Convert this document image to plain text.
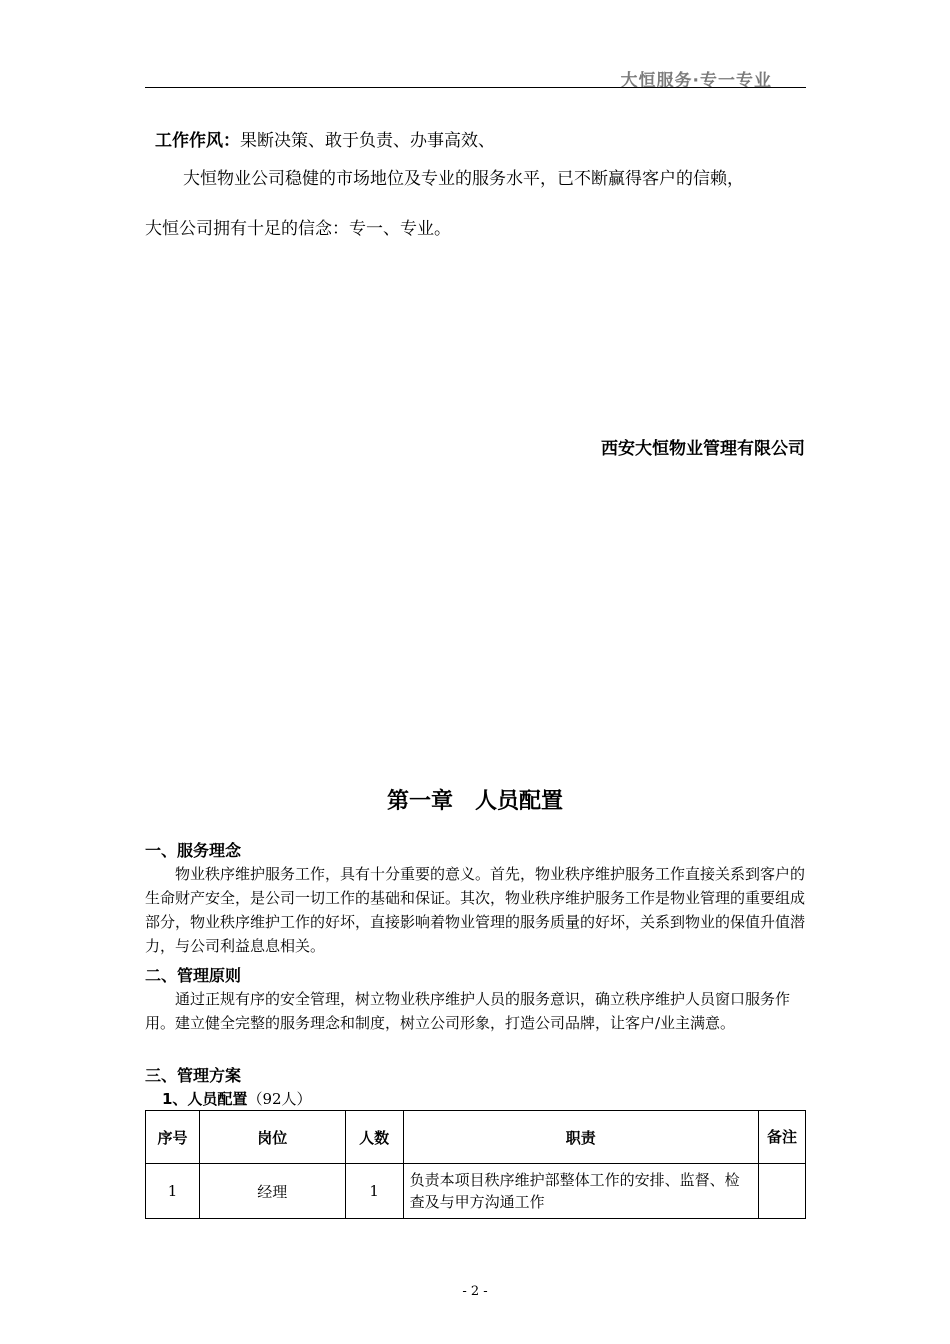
大恒服务·专一专业
工作作风：果断决策、敢于负责、办事高效、
大恒物业公司稳健的市场地位及专业的服务水平，已不断赢得客户的信赖，
大恒公司拥有十足的信念：专一、专业。
西安大恒物业管理有限公司
第一章　人员配置
一、服务理念
物业秩序维护服务工作，具有十分重要的意义。首先，物业秩序维护服务工作直接关系到客户的生命财产安全，是公司一切工作的基础和保证。其次，物业秩序维护服务工作是物业管理的重要组成部分，物业秩序维护工作的好坏，直接影响着物业管理的服务质量的好坏，关系到物业的保值升值潜力，与公司利益息息相关。
二、管理原则
通过正规有序的安全管理，树立物业秩序维护人员的服务意识，确立秩序维护人员窗口服务作用。建立健全完整的服务理念和制度，树立公司形象，打造公司品牌，让客户/业主满意。
三、管理方案
1、人员配置（92人）
序号	岗位	人数	职责	备注
1	经理	1	负责本项目秩序维护部整体工作的安排、监督、检查及与甲方沟通工作	
- 2 -
